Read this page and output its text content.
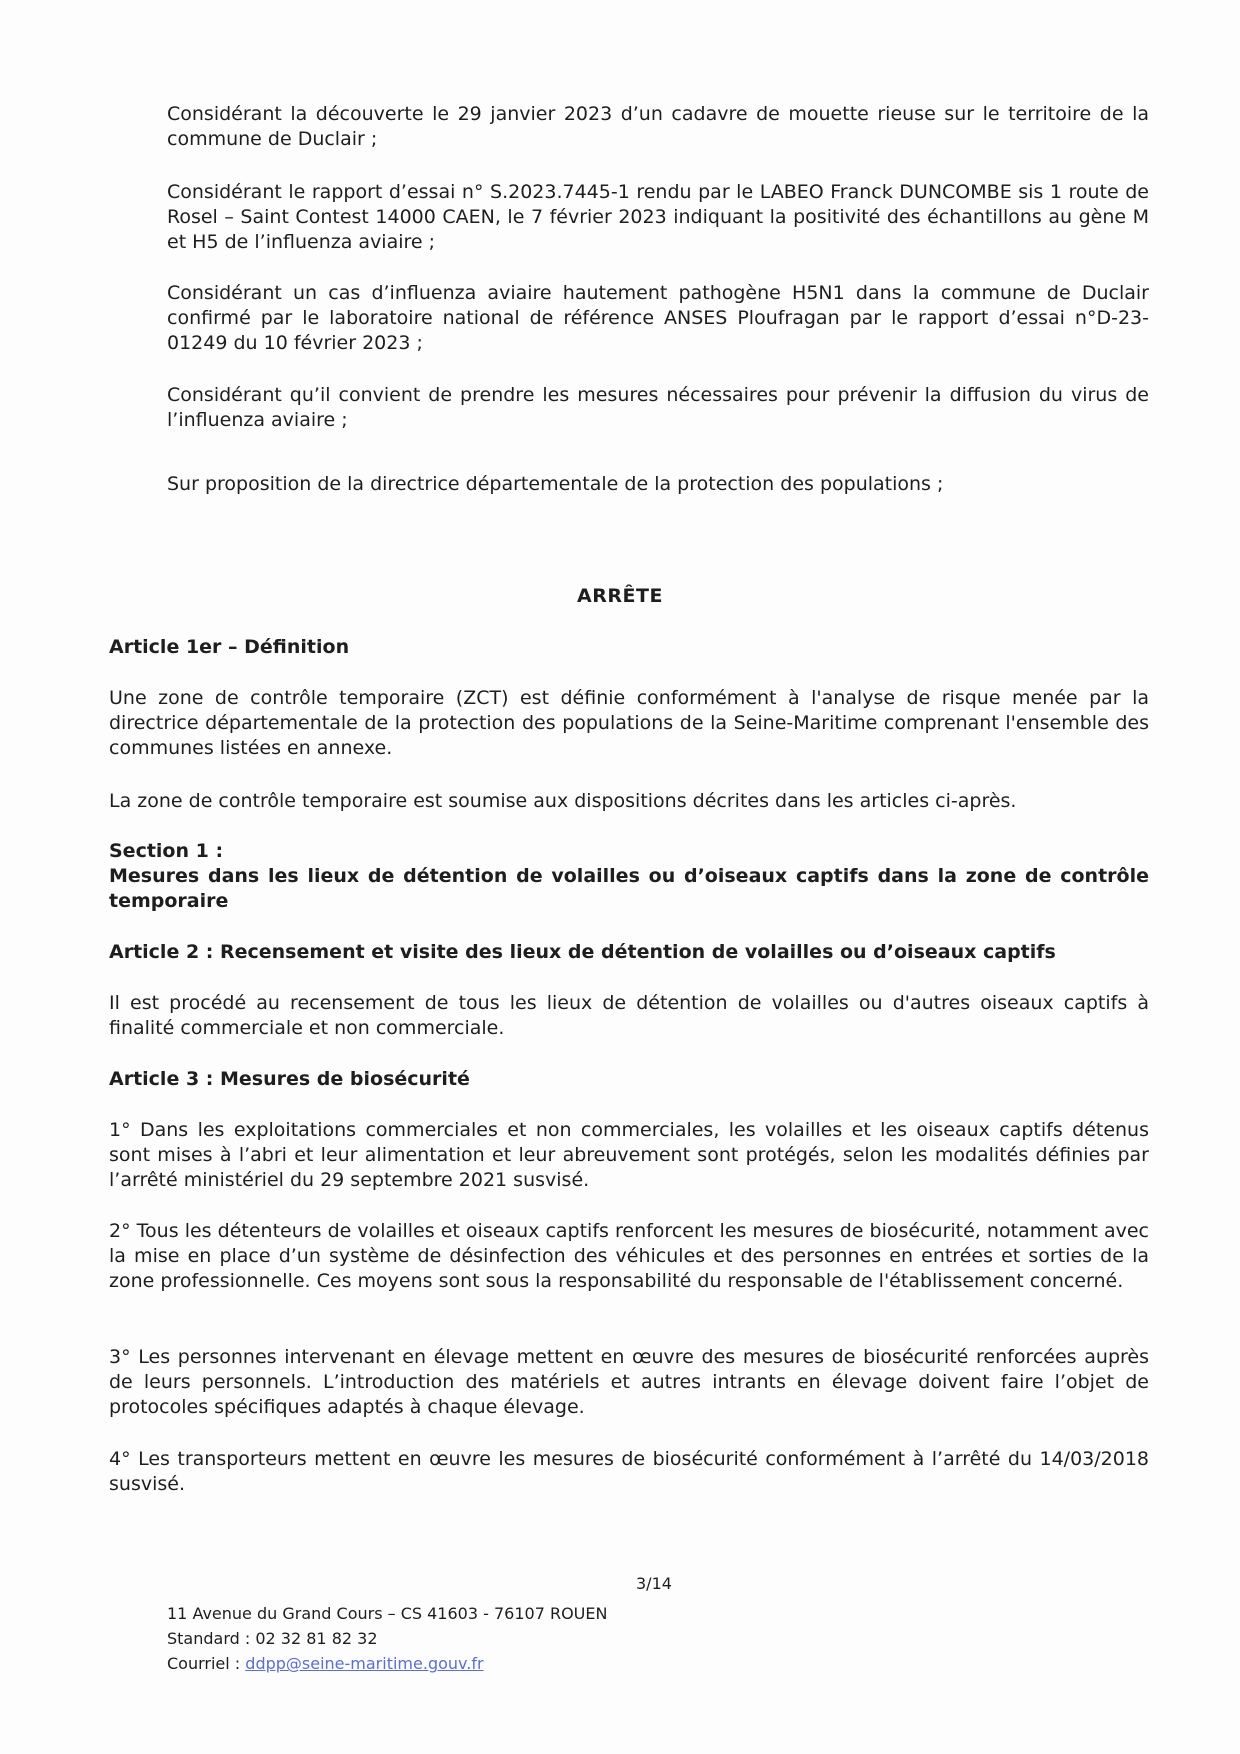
Considérant la découverte le 29 janvier 2023 d’un cadavre de mouette rieuse sur le territoire de la commune de Duclair ;

Considérant le rapport d’essai n° S.2023.7445-1 rendu par le LABEO Franck DUNCOMBE sis 1 route de Rosel – Saint Contest 14000 CAEN, le 7 février 2023 indiquant la positivité des échantillons au gène M et H5 de l’influenza aviaire ;

Considérant un cas d’influenza aviaire hautement pathogène H5N1 dans la commune de Duclair confirmé par le laboratoire national de référence ANSES Ploufragan par le rapport d’essai n°D-23-01249 du 10 février 2023 ;

Considérant qu’il convient de prendre les mesures nécessaires pour prévenir la diffusion du virus de l’influenza aviaire ;

Sur proposition de la directrice départementale de la protection des populations ;

ARRÊTE

Article 1er – Définition

Une zone de contrôle temporaire (ZCT) est définie conformément à l'analyse de risque menée par la directrice départementale de la protection des populations de la Seine-Maritime comprenant l'ensemble des communes listées en annexe.

La zone de contrôle temporaire est soumise aux dispositions décrites dans les articles ci-après.

Section 1 :

Mesures dans les lieux de détention de volailles ou d’oiseaux captifs dans la zone de contrôle temporaire

Article 2 : Recensement et visite des lieux de détention de volailles ou d’oiseaux captifs

Il est procédé au recensement de tous les lieux de détention de volailles ou d'autres oiseaux captifs à finalité commerciale et non commerciale.

Article 3 : Mesures de biosécurité

1° Dans les exploitations commerciales et non commerciales, les volailles et les oiseaux captifs détenus sont mises à l’abri et leur alimentation et leur abreuvement sont protégés, selon les modalités définies par l’arrêté ministériel du 29 septembre 2021 susvisé.

2° Tous les détenteurs de volailles et oiseaux captifs renforcent les mesures de biosécurité, notamment avec la mise en place d’un système de désinfection des véhicules et des personnes en entrées et sorties de la zone professionnelle. Ces moyens sont sous la responsabilité du responsable de l'établissement concerné.

3° Les personnes intervenant en élevage mettent en œuvre des mesures de biosécurité renforcées auprès de leurs personnels. L’introduction des matériels et autres intrants en élevage doivent faire l’objet de protocoles spécifiques adaptés à chaque élevage.

4° Les transporteurs mettent en œuvre les mesures de biosécurité conformément à l’arrêté du 14/03/2018 susvisé.

3/14
11 Avenue du Grand Cours – CS 41603 - 76107 ROUEN
Standard : 02 32 81 82 32
Courriel : ddpp@seine-maritime.gouv.fr
